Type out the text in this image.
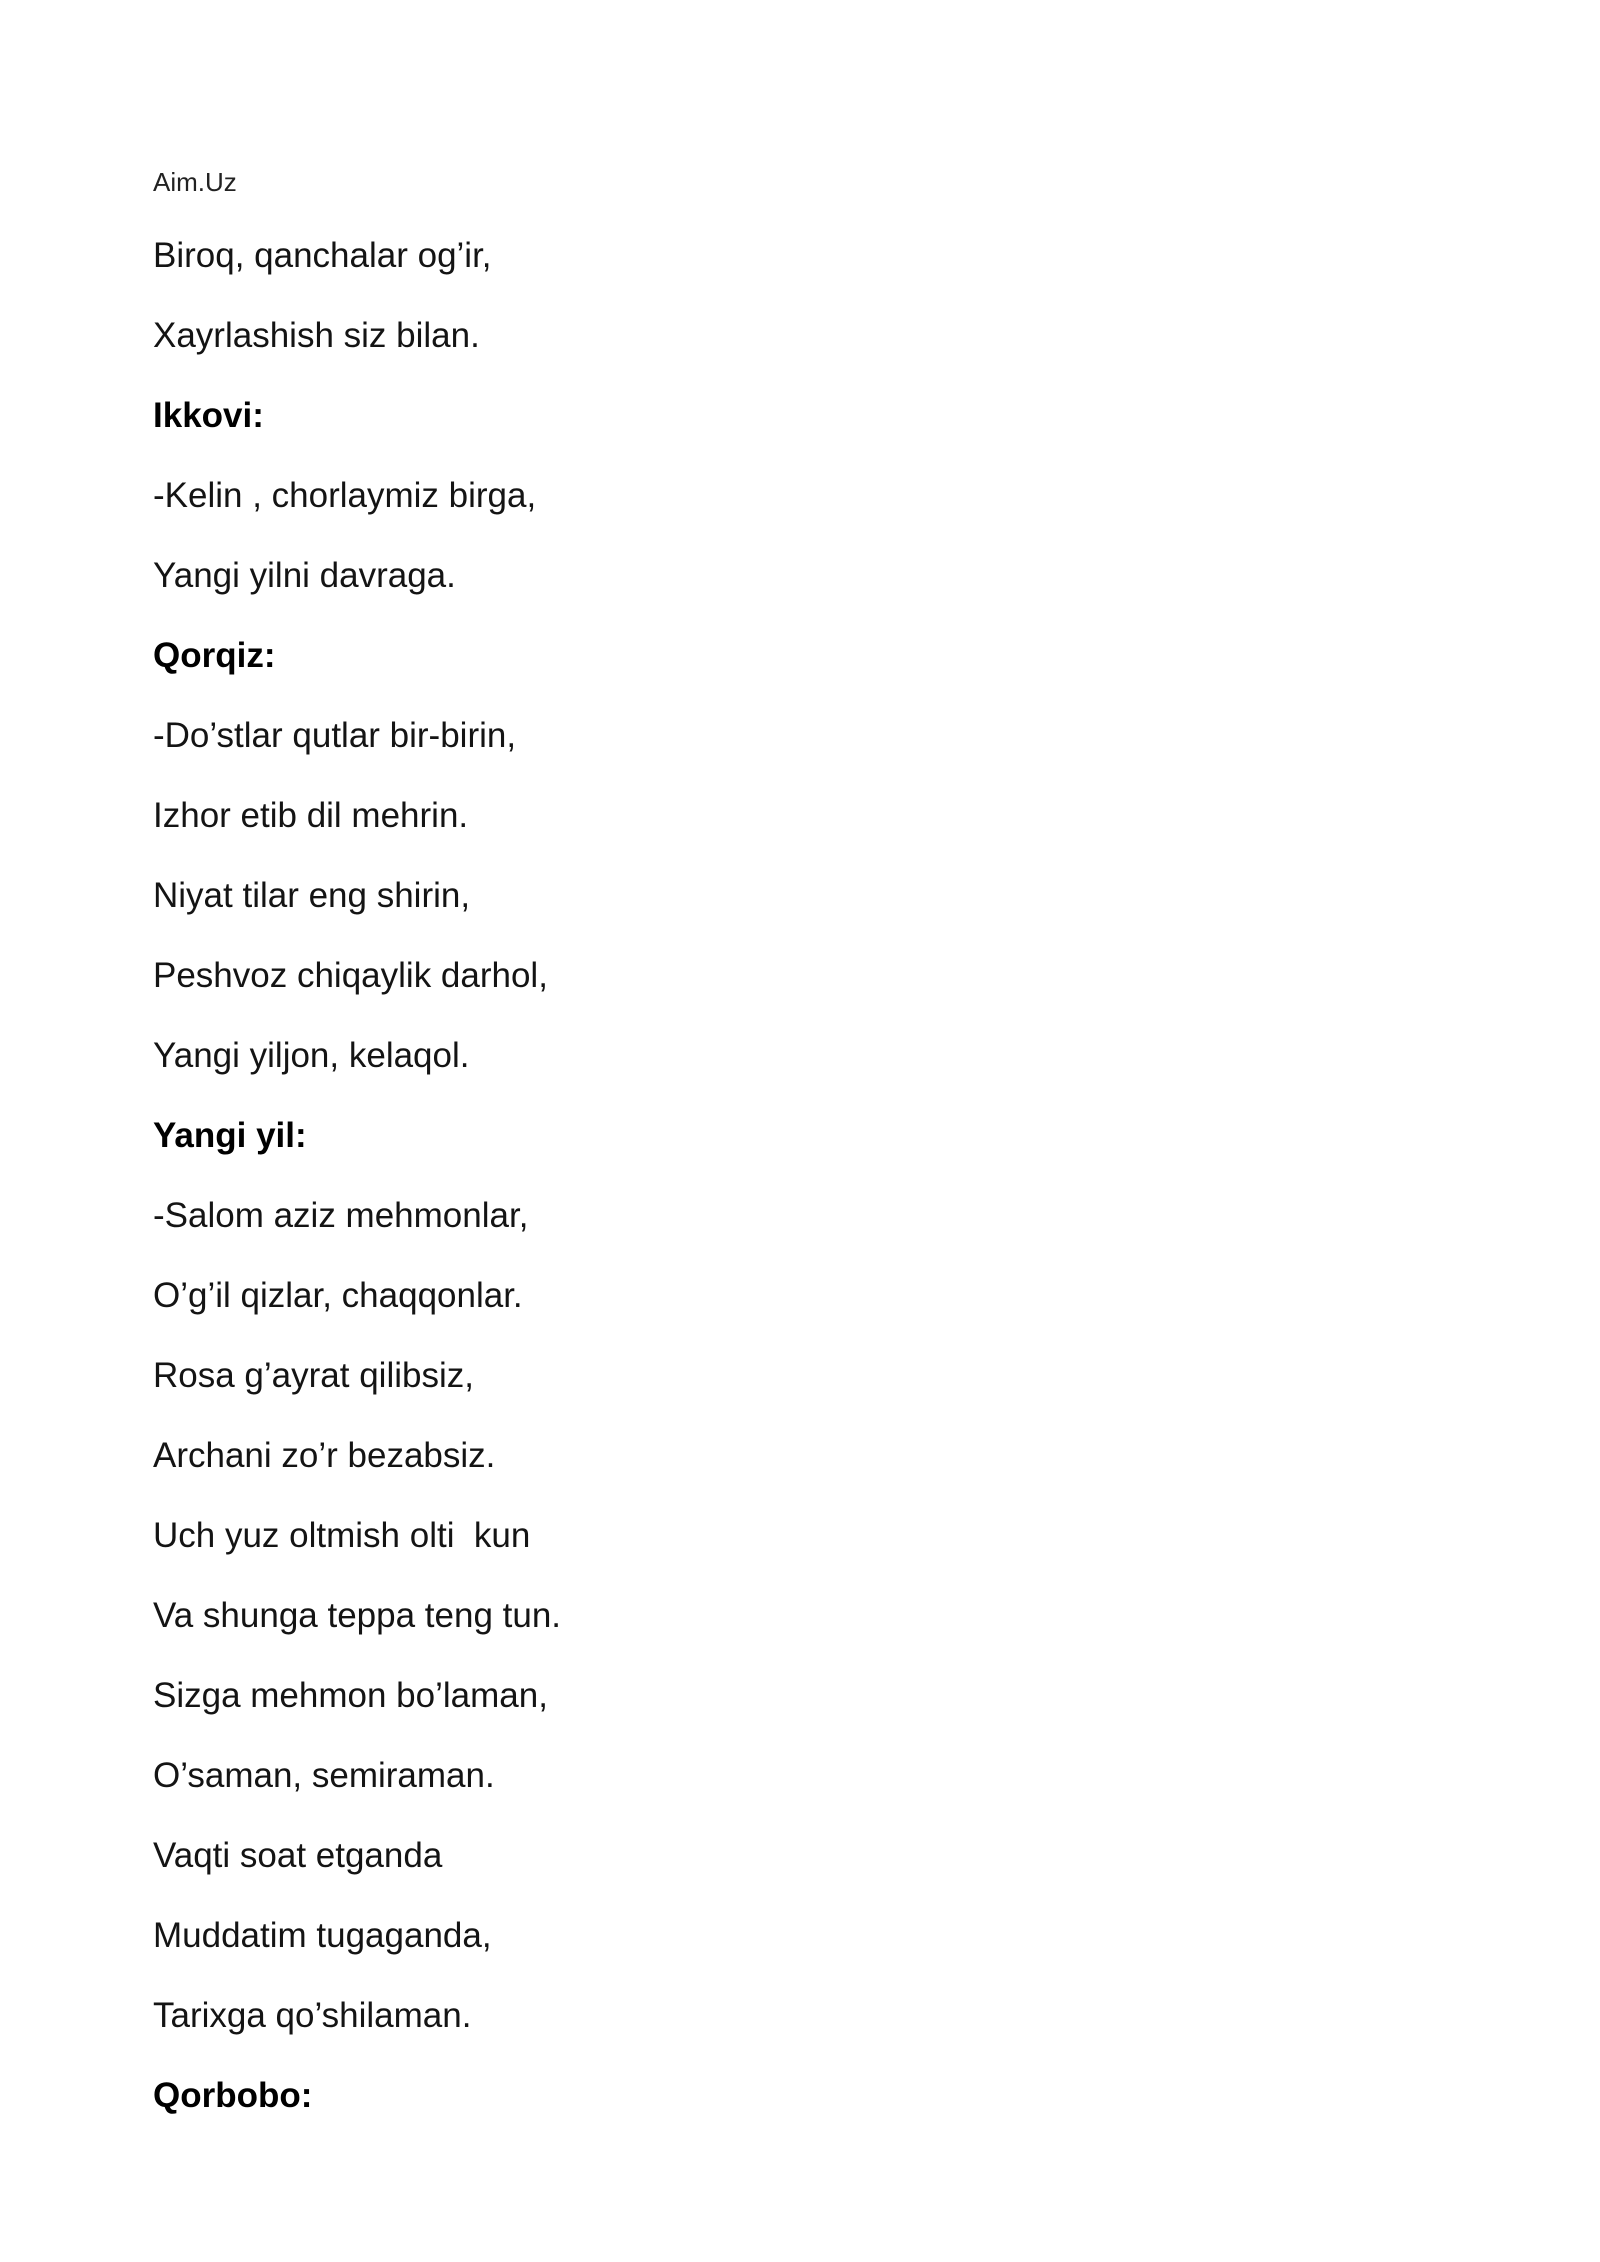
Aim.Uz
Biroq, qanchalar og’ir,
Xayrlashish siz bilan.
Ikkovi:
-Kelin , chorlaymiz birga,
Yangi yilni davraga.
Qorqiz:
-Do’stlar qutlar bir-birin,
Izhor etib dil mehrin.
Niyat tilar eng shirin,
Peshvoz chiqaylik darhol,
Yangi yiljon, kelaqol.
Yangi yil:
-Salom aziz mehmonlar,
O’g’il qizlar, chaqqonlar.
Rosa g’ayrat qilibsiz,
Archani zo’r bezabsiz.
Uch yuz oltmish olti  kun
Va shunga teppa teng tun.
Sizga mehmon bo’laman,
O’saman, semiraman.
Vaqti soat etganda
Muddatim tugaganda,
Tarixga qo’shilaman.
Qorbobo:
